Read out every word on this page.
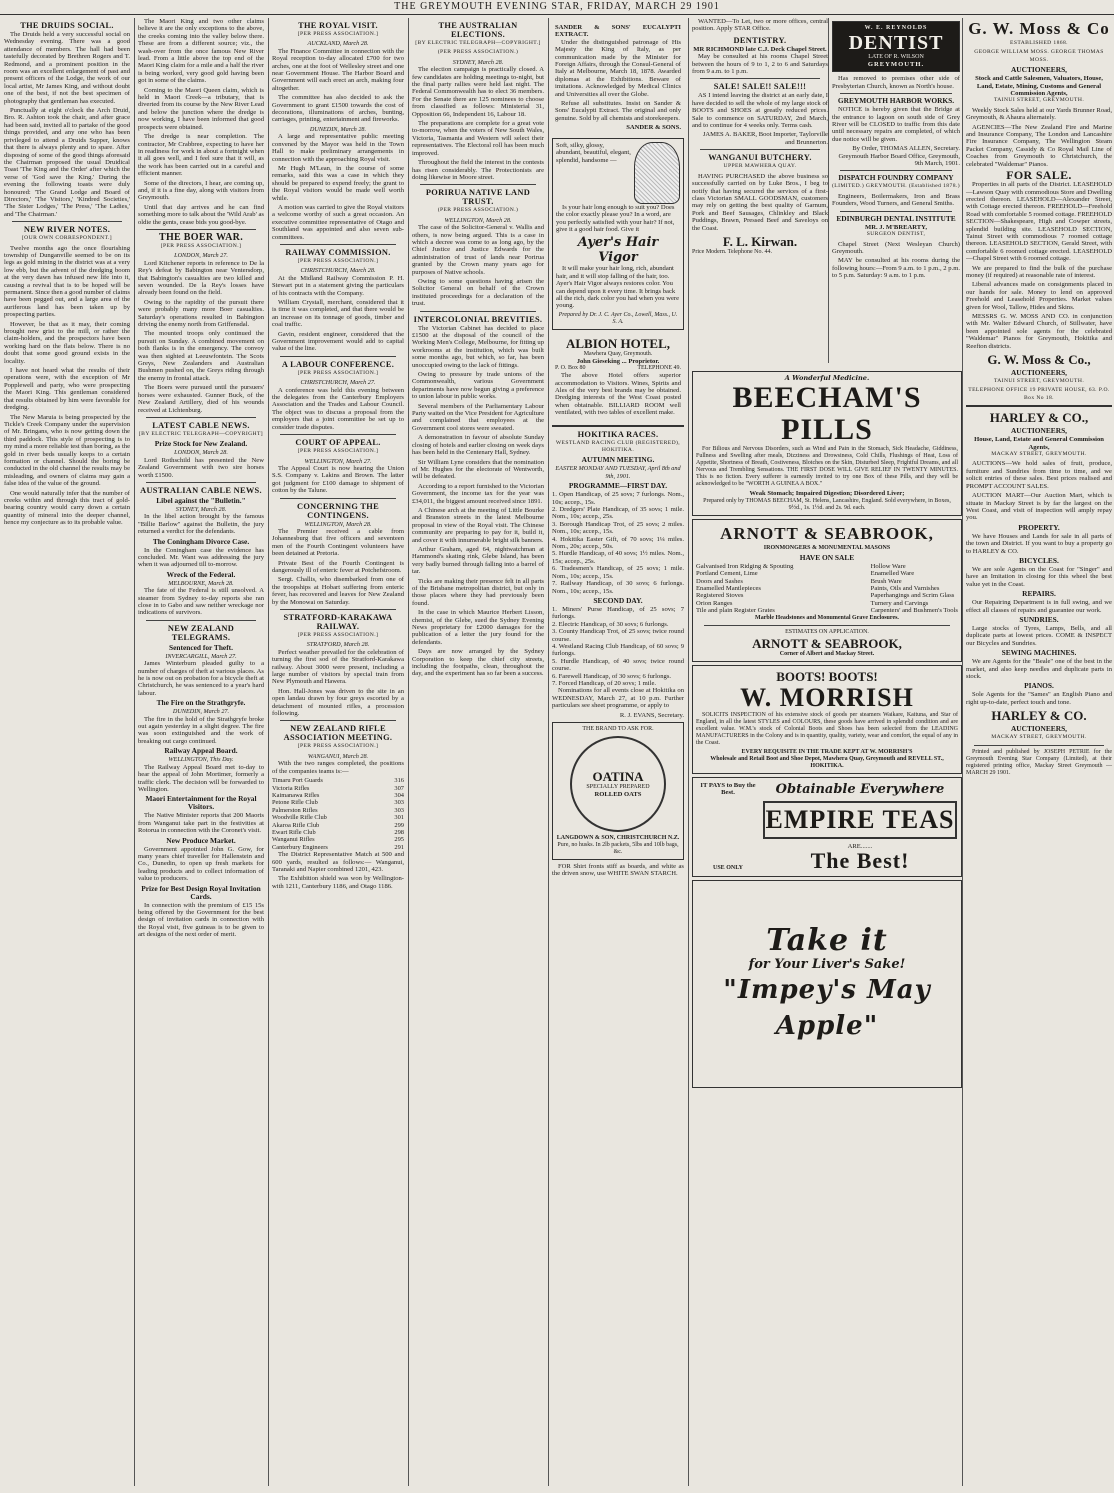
THE GREYMOUTH EVENING STAR, FRIDAY, MARCH 29 1901
THE DRUIDS SOCIAL.

The Druids held a very successful social on Wednesday evening. There was a good attendance of members. The hall had been tastefully decorated by Brethren Rogers and T. Redmond, and a prominent position in the room was an excellent enlargement of past and present officers of the Lodge, the work of our local artist, Mr James King, and without doubt one of the best, if not the best specimen of photography that gentleman has executed.

Punctually at eight o'clock the Arch Druid, Bro. R. Ashton took the chair, and after grace had been said, invited all to partake of the good things provided, and any one who has been privileged to attend a Druids Supper, knows that there is always plenty and to spare. After disposing of some of the good things aforesaid the Chairman proposed the usual Druidical Toast 'The King and the Order' after which the verse of 'God save the King.' During the evening the following toasts were duly honoured: 'The Grand Lodge and Board of Directors,' 'The Visitors,' 'Kindred Societies,' 'The Sister Lodges,' 'The Press,' 'The Ladies,' and 'The Chairman.'

NEW RIVER NOTES.
[OUR OWN CORRESPONDENT.]

Twelve months ago the once flourishing township of Dunganville seemed to be on its legs as gold mining in the district was at a very low ebb, but the advent of the dredging boom at the very dawn has infused new life into it, causing a revival that is to be hoped will be permanent. Since then a good number of claims have been pegged out, and a large area of the auriferous land has been taken up by prospecting parties.

However, be that as it may, their coming brought new grist to the mill, or rather the claim-holders, and the prospectors have been working hard on the flats below. There is no doubt that some good ground exists in the locality.

I have not heard what the results of their operations were, with the exception of Mr Popplewell and party, who were prospecting the Maori King. This gentleman considered that results obtained by him were favorable for dredging.

The New Maruia is being prospected by the Tickle's Creek Company under the supervision of Mr. Bringans, who is now getting down the third paddock. This style of prospecting is to my mind a more reliable test than boring, as the gold in river beds usually keeps to a certain formation or channel. Should the boring be conducted in the old channel the results may be misleading, and owners of claims may gain a false idea of the value of the ground.

One would naturally infer that the number of creeks within and through this tract of gold-bearing country would carry down a certain quantity of mineral into the deeper channel, hence my conjecture as to its probable value.

The Maori King and two other claims believe it are the only exceptions to the above, the creeks coming into the valley below there. These are from a different source; viz., the wash-over from the once famous New River lead. From a little above the top end of the Maori King claim for a mile and a half the river is being worked, very good gold having been got in some of the claims.

Coming to the Maori Queen claim, which is held in Maori Creek—a tributary, that is diverted from its course by the New River Lead and below the junction where the dredge is now working, I have been informed that good prospects were obtained.

The dredge is near completion. The contractor, Mr Crabbree, expecting to have her in readiness for work in about a fortnight when it all goes well, and I feel sure that it will, as the work has been carried out in a careful and efficient manner.

Some of the directors, I hear, are coming up, and, if it is a fine day, along with visitors from Greymouth.

Until that day arrives and he can find something more to talk about the 'Wild Arab' as oldie the gents, cease bids you good-bye.

THE BOER WAR.
[PER PRESS ASSOCIATION.]
LONDON, March 27.

Lord Kitchener reports in reference to De la Rey's defeat by Babington near Ventersdorp, that Babington's casualties are two killed and seven wounded. De la Rey's losses have already been found on the field.

Owing to the rapidity of the pursuit there were probably many more Boer casualties. Saturday's operations resulted in Babington driving the enemy north from Griffensdal.

The mounted troops only continued the pursuit on Sunday. A combined movement on both flanks is in the emergency. The convoy was then sighted at Leeuwfontein. The Scots Greys, New Zealanders and Australian Bushmen pushed on, the Greys riding through the enemy in frontal attack.

The Boers were pursued until the pursuers' horses were exhausted. Gunner Buck, of the New Zealand Artillery, died of his wounds received at Lichtenburg.

LATEST CABLE NEWS.
[BY ELECTRIC TELEGRAPH—COPYRIGHT]
Prize Stock for New Zealand.
LONDON, March 28.

Lord Rothschild has presented the New Zealand Government with two sire horses worth £1500.

AUSTRALIAN CABLE NEWS.
Libel against the "Bulletin."
SYDNEY, March 28.

In the libel action brought by the famous "Billie Barlow" against the Bulletin, the jury returned a verdict for the defendants.

The Coningham Divorce Case.

In the Coningham case the evidence has concluded. Mr. Want was addressing the jury when it was adjourned till to-morrow.

Wreck of the Federal.
MELBOURNE, March 28.

The fate of the Federal is still unsolved. A steamer from Sydney to-day reports she ran close in to Gabo and saw neither wreckage nor indications of survivors.

NEW ZEALAND TELEGRAMS.
Sentenced for Theft.
INVERCARGILL, March 27.

James Winterburn pleaded guilty to a number of charges of theft at various places. As he is now out on probation for a bicycle theft at Christchurch, he was sentenced to a year's hard labour.

The Fire on the Strathgryfe.
DUNEDIN, March 27.

The fire in the hold of the Strathgryfe broke out again yesterday in a slight degree. The fire was soon extinguished and the work of breaking out cargo continued.

Railway Appeal Board.
WELLINGTON, This Day.

The Railway Appeal Board met to-day to hear the appeal of John Mortimer, formerly a traffic clerk. The decision will be forwarded to Wellington.

Maori Entertainment for the Royal Visitors.

The Native Minister reports that 200 Maoris from Wanganui take part in the festivities at Rotorua in connection with the Coronet's visit.

New Produce Market.

Government appointed John G. Gow, for many years chief traveller for Hallenstein and Co., Dunedin, to open up fresh markets for leading products and to collect information of value to producers.

Prize for Best Design Royal Invitation Cards.

In connection with the premium of £15 15s being offered by the Government for the best design of invitation cards in connection with the Royal visit, five guineas is to be given to art designs of the next order of merit.

THE ROYAL VISIT.
[PER PRESS ASSOCIATION.]
AUCKLAND, March 28.

The Finance Committee in connection with the Royal reception to-day allocated £700 for two arches, one at the foot of Wellesley street and one near Government House. The Harbor Board and Government will each erect an arch, making four altogether.

The committee has also decided to ask the Government to grant £1500 towards the cost of decorations, illuminations of arches, bunting, carriages, printing, entertainment and fireworks.

DUNEDIN, March 28.

A large and representative public meeting convened by the Mayor was held in the Town Hall to make preliminary arrangements in connection with the approaching Royal visit.

Mr Hugh M'Lean, in the course of some remarks, said this was a case in which they should be prepared to expend freely; the grant to the Royal visitors would be made well worth while.

A motion was carried to give the Royal visitors a welcome worthy of such a great occasion. An executive committee representative of Otago and Southland was appointed and also seven sub-committees.

RAILWAY COMMISSION.
[PER PRESS ASSOCIATION.]
CHRISTCHURCH, March 28.

At the Midland Railway Commission P. H. Stewart put in a statement giving the particulars of his contracts with the Company.

William Crystall, merchant, considered that it is time it was completed, and that there would be an increase on its tonnage of goods, timber and coal traffic.

Gavin, resident engineer, considered that the Government improvement would add to capital value of the line.

A LABOUR CONFERENCE.
[PER PRESS ASSOCIATION.]
CHRISTCHURCH, March 27.

A conference was held this evening between the delegates from the Canterbury Employers Association and the Trades and Labour Council. The object was to discuss a proposal from the employers that a joint committee be set up to consider trade disputes.

COURT OF APPEAL.
[PER PRESS ASSOCIATION.]
WELLINGTON, March 27.

The Appeal Court is now hearing the Union S.S. Company v. Lakins and Brown. The latter got judgment for £100 damage to shipment of cotton by the Talune.

CONCERNING THE CONTINGENS.
WELLINGTON, March 28.

The Premier received a cable from Johannesburg that five officers and seventeen men of the Fourth Contingent volunteers have been detained at Pretoria.

Private Best of the Fourth Contingent is dangerously ill of enteric fever at Potchefstroom.

Sergt. Challis, who disembarked from one of the troopships at Hobart suffering from enteric fever, has recovered and leaves for New Zealand by the Monowai on Saturday.

STRATFORD-KARAKAWA RAILWAY.
[PER PRESS ASSOCIATION.]
STRATFORD, March 28.

Perfect weather prevailed for the celebration of turning the first sod of the Stratford-Karakawa railway. About 3000 were present, including a large number of visitors by special train from New Plymouth and Hawera.

Hon. Hall-Jones was driven to the site in an open landau drawn by four greys escorted by a detachment of mounted rifles, a procession following.

NEW ZEALAND RIFLE ASSOCIATION MEETING.
[PER PRESS ASSOCIATION.]
WANGANUI, March 28.

With the two ranges completed, the positions of the companies teams is:—

Timaru Port Guards	316
Victoria Rifles	307
Kaimanawa Rifles	304
Petone Rifle Club	303
Palmerston Rifles	303
Woodville Rifle Club	301
Akaroa Rifle Club	299
Ewart Rifle Club	298
Wanganui Rifles	295
Canterbury Engineers	291

The District Representative Match at 500 and 600 yards, resulted as follows:— Wanganui, Taranaki and Napier combined 1201, 423.

The Exhibition shield was won by Wellington-with 1211, Canterbury 1186, and Otago 1186.

THE AUSTRALIAN ELECTIONS.
[BY ELECTRIC TELEGRAPH—COPYRIGHT.]
(PER PRESS ASSOCIATION.)
SYDNEY, March 28.

The election campaign is practically closed. A few candidates are holding meetings to-night, but the final party rallies were held last night. The Federal Commonwealth has to elect 36 members. For the Senate there are 125 nominees to choose from classified as follows: Ministerial 31, Opposition 66, Independent 16, Labour 18.

The preparations are complete for a great vote to-morrow, when the voters of New South Wales, Victoria, Tasmania and Western will select their representatives. The Electoral roll has been much improved.

Throughout the field the interest in the contests has risen considerably. The Protectionists are doing likewise in Moore street.

PORIRUA NATIVE LAND TRUST.
(PER PRESS ASSOCIATION.)
WELLINGTON, March 28.

The case of the Solicitor-General v. Wallis and others, is now being argued. This is a case in which a decree was come to as long ago, by the Chief Justice and Justice Edwards for the administration of trust of lands near Porirua granted by the Crown many years ago for purposes of Native schools.

Owing to some questions having arisen the Solicitor General on behalf of the Crown instituted proceedings for a declaration of the trust.

INTERCOLONIAL BREVITIES.

The Victorian Cabinet has decided to place £1500 at the disposal of the council of the Working Men's College, Melbourne, for fitting up workrooms at the institution, which was built some months ago, but which, so far, has been unoccupied owing to the lack of fittings.

Owing to pressure by trade unions of the Commonwealth, various Government departments have now begun giving a preference to union labour in public works.

Several members of the Parliamentary Labour Party waited on the Vice President for Agriculture and complained that employees at the Government cool stores were sweated.

A demonstration in favour of absolute Sunday closing of hotels and earlier closing on week days has been held in the Centenary Hall, Sydney.

Sir William Lyne considers that the nomination of Mr. Hughes for the electorate of Wentworth, will be defeated.

According to a report furnished to the Victorian Government, the income tax for the year was £34,011, the biggest amount received since 1891.

A Chinese arch at the meeting of Little Bourke and Branston streets in the latest Melbourne proposal in view of the Royal visit. The Chinese community are preparing to pay for it, build it, and cover it with innumerable bright silk banners.

Arthur Graham, aged 64, nightwatchman at Hammond's skating rink, Glebe Island, has been very badly burned through falling into a barrel of tar.

Ticks are making their presence felt in all parts of the Brisbane metropolitan district, but only in those places where they had previously been found.

In the case in which Maurice Herbert Lisson, chemist, of the Glebe, sued the Sydney Evening News proprietary for £2000 damages for the publication of a letter the jury found for the defendants.

Days are now arranged by the Sydney Corporation to keep the chief city streets, including the footpaths, clean, throughout the day, and the experiment has so far been a success.

SANDER & SONS' EUCALYPTI EXTRACT.

Under the distinguished patronage of His Majesty the King of Italy, as per communication made by the Minister for Foreign Affairs, through the Consul-General of Italy at Melbourne, March 18, 1878. Awarded diplomas at the Exhibitions. Beware of imitations. Acknowledged by Medical Clinics and Universities all over the Globe.

Refuse all substitutes. Insist on Sander & Sons' Eucalypti Extract. The original and only genuine. Sold by all chemists and storekeepers.

SANDER & SONS.

Soft, silky, glossy, abundant, beautiful, elegant, splendid, handsome —

Is your hair long enough to suit you? Does the color exactly please you? In a word, are you perfectly satisfied with your hair? If not, give it a good hair food. Give it

Ayer's Hair Vigor

It will make your hair long, rich, abundant hair, and it will stop falling of the hair, too. Ayer's Hair Vigor always restores color. You can depend upon it every time. It brings back all the rich, dark color you had when you were young.

Prepared by Dr. J. C. Ayer Co., Lowell, Mass., U. S. A.
ALBION HOTEL,
Mawhera Quay, Greymouth.
John Gieseking ... Proprietor.
P. O. Box 80	TELEPHONE 49.

The above Hotel offers superior accommodation to Visitors. Wines, Spirits and Ales of the very best brands may be obtained. Dredging interests of the West Coast posted when obtainable. BILLIARD ROOM well ventilated, with two tables of excellent make.

HOKITIKA RACES.
WESTLAND RACING CLUB (REGISTERED), HOKITIKA.
AUTUMN MEETING.
EASTER MONDAY AND TUESDAY, April 8th and 9th, 1901.
PROGRAMME—FIRST DAY.
1. Open Handicap, of 25 sovs; 7 furlongs. Nom., 10s; accep., 15s.
2. Dredgers' Plate Handicap, of 35 sovs; 1 mile. Nom., 10s; accep., 25s.
3. Borough Handicap Trot, of 25 sovs; 2 miles. Nom., 10s; accep., 15s.
4. Hokitika Easter Gift, of 70 sovs; 1¼ miles. Nom., 20s; accep., 50s.
5. Hurdle Handicap, of 40 sovs; 1½ miles. Nom., 15s; accep., 25s.
6. Tradesmen's Handicap, of 25 sovs; 1 mile. Nom., 10s; accep., 15s.
7. Railway Handicap, of 30 sovs; 6 furlongs. Nom., 10s; accep., 15s.
SECOND DAY.
1. Miners' Purse Handicap, of 25 sovs; 7 furlongs.
2. Electric Handicap, of 30 sovs; 6 furlongs.
3. County Handicap Trot, of 25 sovs; twice round course.
4. Westland Racing Club Handicap, of 60 sovs; 9 furlongs.
5. Hurdle Handicap, of 40 sovs; twice round course.
6. Farewell Handicap, of 30 sovs; 6 furlongs.
7. Forced Handicap, of 20 sovs; 1 mile.

Nominations for all events close at Hokitika on WEDNESDAY, March 27, at 10 p.m. Further particulars see sheet programme, or apply to

R. J. EVANS, Secretary.
THE BRAND TO ASK FOR.
OATINA
SPECIALLY PREPARED
ROLLED OATS
LANGDOWN & SON, CHRISTCHURCH N.Z.
Pure, no husks. In 2lb packets, 5lbs and 10lb bags, &c.

FOR Shirt fronts stiff as boards, and white as the driven snow, use WHITE SWAN STARCH.

WANTED—To Let, two or more offices, central position. Apply STAR Office.

DENTISTRY.
MR RICHMOND late C.J. Deck Chapel Street.

May be consulted at his rooms Chapel Street between the hours of 9 to 1, 2 to 6 and Saturdays from 9 a.m. to 1 p.m.

SALE! SALE!! SALE!!!

AS I intend leaving the district at an early date, I have decided to sell the whole of my large stock of BOOTS and SHOES at greatly reduced prices. Sale to commence on SATURDAY, 2nd March, and to continue for 4 weeks only. Terms cash.

JAMES A. BAKER, Boot Importer, Taylorville and Brunnerton.
WANGANUI BUTCHERY.
UPPER MAWHERA QUAY.

HAVING PURCHASED the above business so successfully carried on by Luke Bros., I beg to notify that having secured the services of a first-class Victorian SMALL GOODSMAN, customers may rely on getting the best quality of Garnum, Pork and Beef Sausages, Chlinkley and Black Puddings, Brawn, Pressed Beef and Saveloys on the Coast.

F. L. Kirwan.
Price Modern. Telephone No. 44.
A Wonderful Medicine.
BEECHAM'S PILLS

For Bilious and Nervous Disorders, such as Wind and Pain in the Stomach, Sick Headache, Giddiness, Fullness and Swelling after meals, Dizziness and Drowsiness, Cold Chills, Flushings of Heat, Loss of Appetite, Shortness of Breath, Costiveness, Blotches on the Skin, Disturbed Sleep, Frightful Dreams, and all Nervous and Trembling Sensations. THE FIRST DOSE WILL GIVE RELIEF IN TWENTY MINUTES. This is no fiction. Every sufferer is earnestly invited to try one Box of these Pills, and they will be acknowledged to be "WORTH A GUINEA A BOX."

Weak Stomach; Impaired Digestion; Disordered Liver;
Prepared only by THOMAS BEECHAM, St. Helens, Lancashire, England. Sold everywhere, in Boxes, 9½d., 1s. 1½d. and 2s. 9d. each.
ARNOTT & SEABROOK,
IRONMONGERS & MONUMENTAL MASONS
HAVE ON SALE
Galvanised Iron Ridging & Spouting
Portland Cement, Lime
Doors and Sashes
Enamelled Mantlepieces
Registered Stoves
Orion Ranges
Tile and plain Register Grates
Hollow Ware
Enamelled Ware
Brush Ware
Paints, Oils and Varnishes
Paperhangings and Scrim Glass
Turnery and Carvings
Carpenters' and Bushmen's Tools
Marble Headstones and Monumental Grave Enclosures.
ESTIMATES ON APPLICATION.
ARNOTT & SEABROOK,
Corner of Albert and Mackay Street.
BOOTS! BOOTS!
W. MORRISH

SOLICITS INSPECTION of his extensive stock of goods per steamers Waikare, Kaituna, and Star of England, in all the latest STYLES and COLOURS, these goods have arrived in splendid condition and are excellent value. W.M.'s stock of Colonial Boots and Shoes has been selected from the LEADING MANUFACTURERS in the Colony and is in quantity, quality, variety, wear and comfort, the equal of any in the Coast.

EVERY REQUISITE IN THE TRADE KEPT AT W. MORRISH'S
Wholesale and Retail Boot and Shoe Depot, Mawhera Quay, Greymouth and REVELL ST., HOKITIKA.
IT PAYS to Buy the Best.
USE ONLY
Obtainable Everywhere
EMPIRE TEAS
ARE.......
The Best!
Take it
for Your Liver's Sake!
"Impey's May Apple"
W. E. REYNOLDS
DENTIST
LATE OF R. WILSON
GREYMOUTH.

Has removed to premises other side of Presbyterian Church, known as North's house.

GREYMOUTH HARBOR WORKS.

NOTICE is hereby given that the Bridge at the entrance to lagoon on south side of Grey River will be CLOSED to traffic from this date until necessary repairs are completed, of which due notice will be given.

By Order, THOMAS ALLEN, Secretary. Greymouth Harbor Board Office, Greymouth, 9th March, 1901.
DISPATCH FOUNDRY COMPANY
(LIMITED.) GREYMOUTH. (Established 1878.)

Engineers, Boilermakers, Iron and Brass Founders, Wood Turners, and General Smiths.

EDINBURGH DENTAL INSTITUTE
MR. J. M'BREARTY,
SURGEON DENTIST,

Chapel Street (Next Wesleyan Church) Greymouth.

MAY be consulted at his rooms during the following hours:—From 9 a.m. to 1 p.m., 2 p.m. to 5 p.m. Saturday: 9 a.m. to 1 p.m.

G. W. Moss & Co
ESTABLISHED 1868.
GEORGE WILLIAM MOSS. GEORGE THOMAS MOSS.
AUCTIONEERS,
Stock and Cattle Salesmen, Valuators, House, Land, Estate, Mining, Customs and General Commission Agents,
TAINUI STREET, GREYMOUTH.

Weekly Stock Sales held at our Yards Brunner Road, Greymouth, & Ahaura alternately.

AGENCIES—The New Zealand Fire and Marine and Insurance Company, The London and Lancashire Fire Insurance Company, The Wellington Steam Packet Company, Cassidy & Co Royal Mail Line of Coaches from Greymouth to Christchurch, the celebrated "Waldemar" Pianos.

FOR SALE.

Properties in all parts of the District. LEASEHOLD—Lawson Quay with commodious Store and Dwelling erected thereon. LEASEHOLD—Alexander Street, with Cottage erected thereon. FREEHOLD—Freehold Road with comfortable 5 roomed cottage. FREEHOLD SECTION—Shakespeare, High and Cowper streets, splendid building site. LEASEHOLD SECTION, Tainui Street with commodious 7 roomed cottage thereon. LEASEHOLD SECTION, Gerald Street, with comfortable 6 roomed cottage erected. LEASEHOLD—Chapel Street with 6 roomed cottage.

We are prepared to find the bulk of the purchase money (if required) at reasonable rate of interest.

Liberal advances made on consignments placed in our hands for sale. Money to lend on approved Freehold and Leasehold Properties. Market values given for Wool, Tallow, Hides and Skins.

MESSRS G. W. MOSS AND CO. in conjunction with Mr. Walter Edward Church, of Stillwater, have been appointed sole agents for the celebrated "Waldemar" Pianos for Greymouth, Hokitika and Reefton districts.

G. W. Moss & Co.,
AUCTIONEERS,
TAINUI STREET, GREYMOUTH.
TELEPHONE OFFICE 19 PRIVATE HOUSE, 63. P.O. Box No 18.
HARLEY & CO.,
AUCTIONEERS,
House, Land, Estate and General Commission Agents,
MACKAY STREET, GREYMOUTH.

AUCTIONS—We hold sales of fruit, produce, furniture and Sundries from time to time, and we solicit entries of these sales. Best prices realised and PROMPT ACCOUNT SALES.

AUCTION MART—Our Auction Mart, which is situate in Mackay Street is by far the largest on the West Coast, and visit of inspection will amply repay you.

PROPERTY.

We have Houses and Lands for sale in all parts of the town and District. If you want to buy a property go to HARLEY & CO.

BICYCLES.

We are sole Agents on the Coast for "Singer" and have an Imitation in closing for this wheel the best value yet in the Coast.

REPAIRS.

Our Repairing Department is in full swing, and we effect all classes of repairs and guarantee our work.

SUNDRIES.

Large stocks of Tyres, Lamps, Bells, and all duplicate parts at lowest prices. COME & INSPECT our Bicycles and Sundries.

SEWING MACHINES.

We are Agents for the "Beale" one of the best in the market, and also keep needles and duplicate parts in stock.

PIANOS.

Sole Agents for the "Sames" an English Piano and right up-to-date, perfect touch and tone.

HARLEY & CO.
AUCTIONEERS,
MACKAY STREET, GREYMOUTH.

Printed and published by JOSEPH PETRIE for the Greymouth Evening Star Company (Limited), at their registered printing office, Mackay Street Greymouth — MARCH 29 1901.
